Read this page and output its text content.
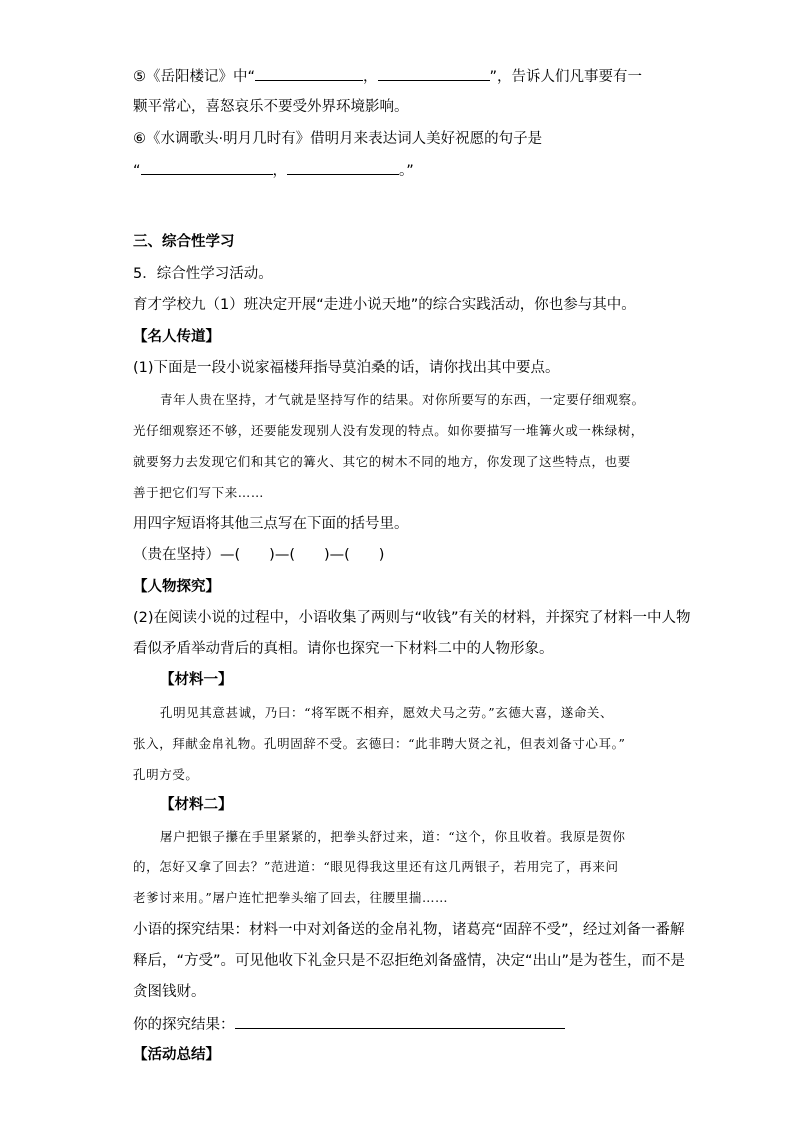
⑤《岳阳楼记》中“	，	”，告诉人们凡事要有一
颗平常心，喜怒哀乐不要受外界环境影响。
⑥《水调歌头·明月几时有》借明月来表达词人美好祝愿的句子是
“	，	。”
三、综合性学习
5．综合性学习活动。
育才学校九（1）班决定开展“走进小说天地”的综合实践活动，你也参与其中。
【名人传道】
(1)下面是一段小说家福楼拜指导莫泊桑的话，请你找出其中要点。
青年人贵在坚持，才气就是坚持写作的结果。对你所要写的东西，一定要仔细观察。
光仔细观察还不够，还要能发现别人没有发现的特点。如你要描写一堆篝火或一株绿树，
就要努力去发现它们和其它的篝火、其它的树木不同的地方，你发现了这些特点，也要
善于把它们写下来……
用四字短语将其他三点写在下面的括号里。
（贵在坚持）—(　　)—(　　)—(　　)
【人物探究】
(2)在阅读小说的过程中，小语收集了两则与“收钱”有关的材料，并探究了材料一中人物
看似矛盾举动背后的真相。请你也探究一下材料二中的人物形象。
【材料一】
孔明见其意甚诚，乃曰：“将军既不相弃，愿效犬马之劳。”玄德大喜，遂命关、
张入，拜献金帛礼物。孔明固辞不受。玄德曰：“此非聘大贤之礼，但表刘备寸心耳。”
孔明方受。
【材料二】
屠户把银子攥在手里紧紧的，把拳头舒过来，道：“这个，你且收着。我原是贺你
的，怎好又拿了回去？”范进道：“眼见得我这里还有这几两银子，若用完了，再来问
老爹讨来用。”屠户连忙把拳头缩了回去，往腰里揣……
小语的探究结果：材料一中对刘备送的金帛礼物，诸葛亮“固辞不受”，经过刘备一番解
释后，“方受”。可见他收下礼金只是不忍拒绝刘备盛情，决定“出山”是为苍生，而不是
贪图钱财。
你的探究结果：
【活动总结】
